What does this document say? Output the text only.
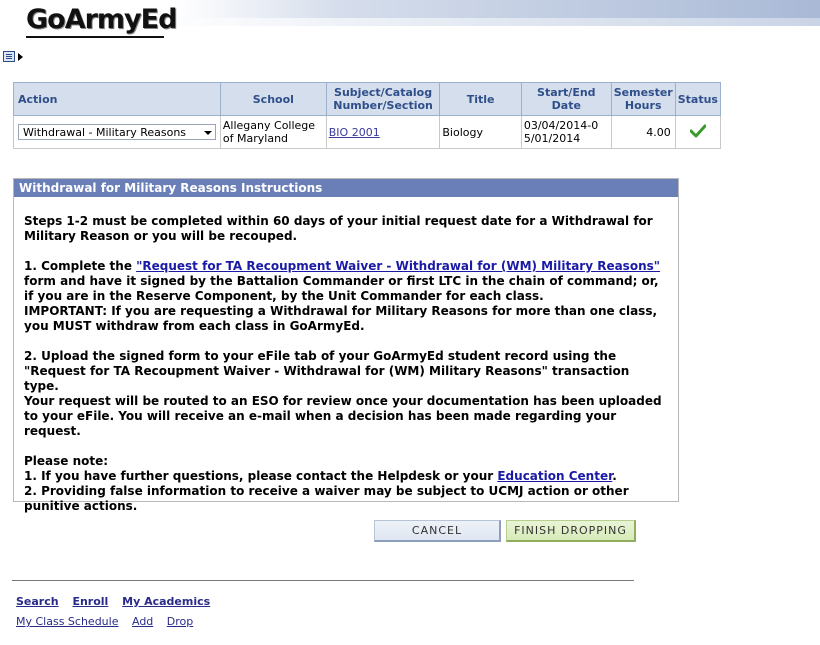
GoArmyEd
Action	School	Subject/Catalog Number/Section	Title	Start/End Date	Semester Hours	Status
Withdrawal - Military Reasons	Allegany College of Maryland	BIO 2001	Biology	03/04/2014-05/01/2014	4.00	
Withdrawal for Military Reasons Instructions

Steps 1-2 must be completed within 60 days of your initial request date for a Withdrawal for Military Reason or you will be recouped.

1. Complete the "Request for TA Recoupment Waiver - Withdrawal for (WM) Military Reasons" form and have it signed by the Battalion Commander or first LTC in the chain of command; or, if you are in the Reserve Component, by the Unit Commander for each class.
IMPORTANT: If you are requesting a Withdrawal for Military Reasons for more than one class, you MUST withdraw from each class in GoArmyEd.

2. Upload the signed form to your eFile tab of your GoArmyEd student record using the "Request for TA Recoupment Waiver - Withdrawal for (WM) Military Reasons" transaction type.
Your request will be routed to an ESO for review once your documentation has been uploaded to your eFile. You will receive an e-mail when a decision has been made regarding your request.

Please note:
1. If you have further questions, please contact the Helpdesk or your Education Center.
2. Providing false information to receive a waiver may be subject to UCMJ action or other punitive actions.

CANCEL	FINISH DROPPING
Search Enroll My Academics
My Class Schedule Add Drop
